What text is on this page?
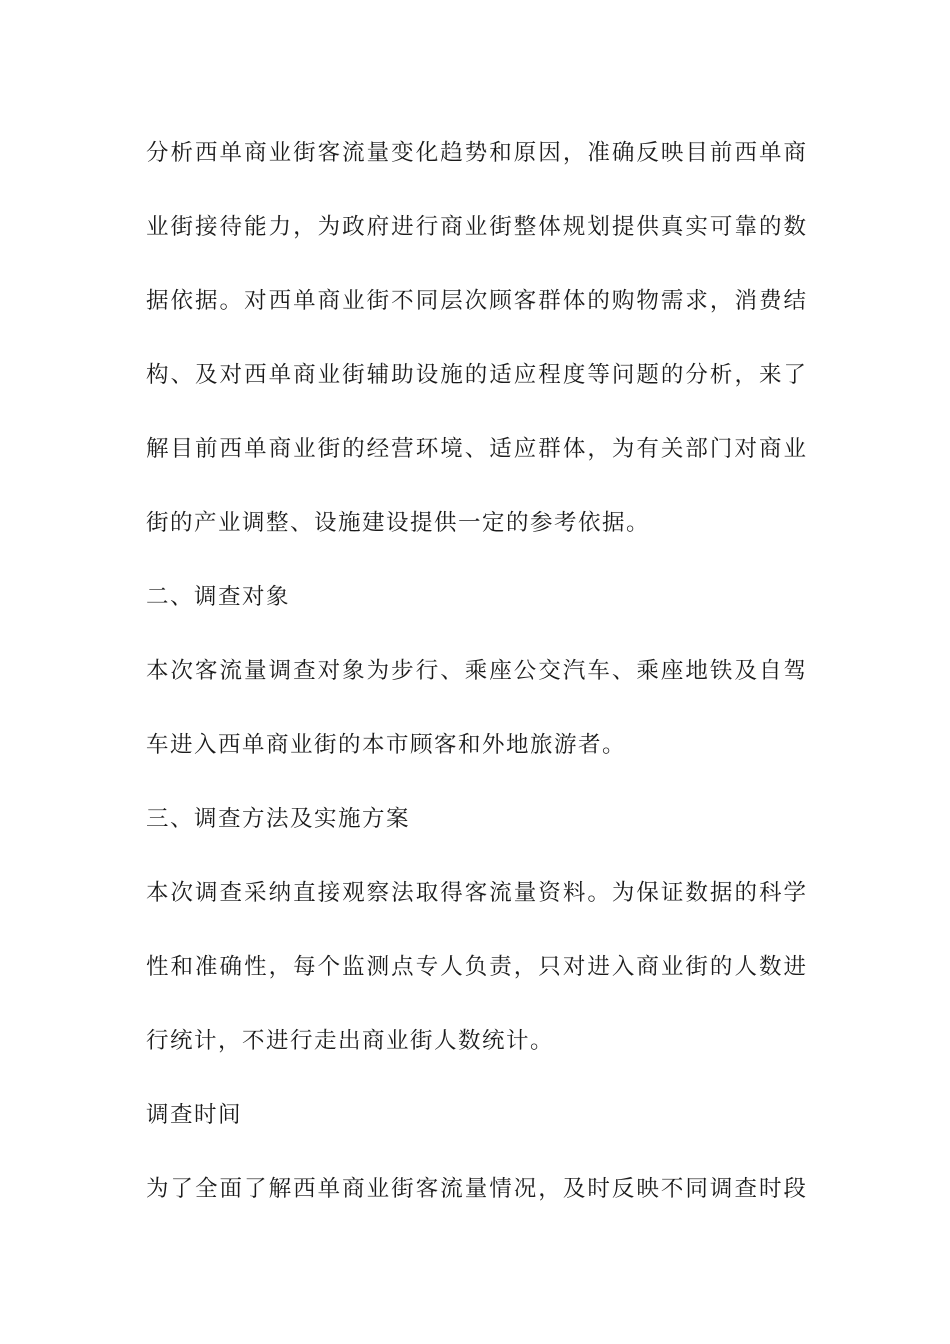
分析西单商业街客流量变化趋势和原因，准确反映目前西单商
业街接待能力，为政府进行商业街整体规划提供真实可靠的数
据依据。对西单商业街不同层次顾客群体的购物需求，消费结
构、及对西单商业街辅助设施的适应程度等问题的分析，来了
解目前西单商业街的经营环境、适应群体，为有关部门对商业
街的产业调整、设施建设提供一定的参考依据。
二、调查对象
本次客流量调查对象为步行、乘座公交汽车、乘座地铁及自驾
车进入西单商业街的本市顾客和外地旅游者。
三、调查方法及实施方案
本次调查采纳直接观察法取得客流量资料。为保证数据的科学
性和准确性，每个监测点专人负责，只对进入商业街的人数进
行统计，不进行走出商业街人数统计。
调查时间
为了全面了解西单商业街客流量情况，及时反映不同调查时段
